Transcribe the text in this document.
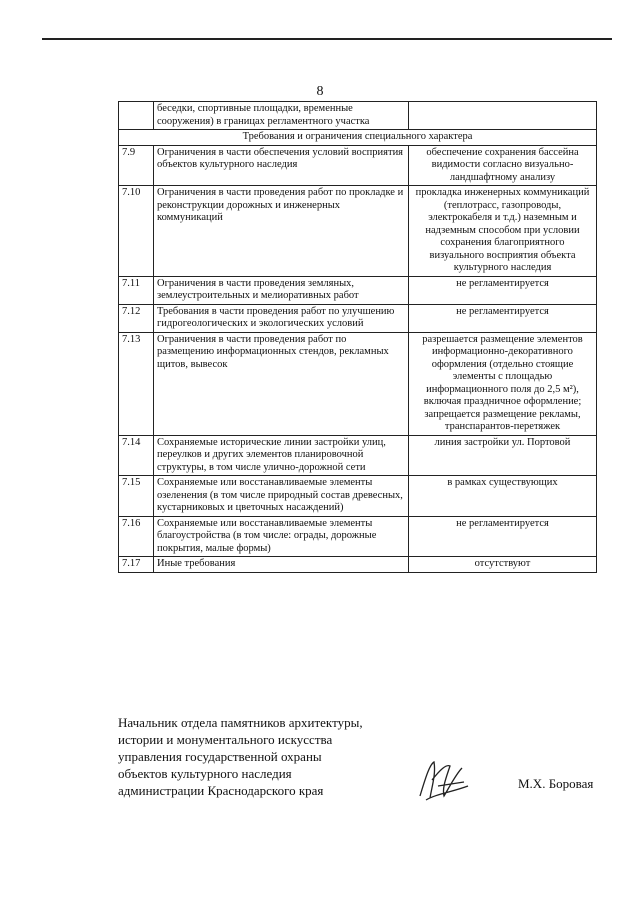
8
	беседки, спортивные площадки, временные сооружения) в границах регламентного участка	
Требования и ограничения специального характера		
7.9	Ограничения в части обеспечения условий восприятия объектов культурного наследия	обеспечение сохранения бассейна видимости согласно визуально-ландшафтному анализу
7.10	Ограничения в части проведения работ по прокладке и реконструкции дорожных и инженерных коммуникаций	прокладка инженерных коммуникаций (теплотрасс, газопроводы, электрокабеля и т.д.) наземным и надземным способом при условии сохранения благоприятного визуального восприятия объекта культурного наследия
7.11	Ограничения в части проведения земляных, землеустроительных и мелиоративных работ	не регламентируется
7.12	Требования в части проведения работ по улучшению гидрогеологических и экологических условий	не регламентируется
7.13	Ограничения в части проведения работ по размещению информационных стендов, рекламных щитов, вывесок	разрешается размещение элементов информационно-декоративного оформления (отдельно стоящие элементы с площадью информационного поля до 2,5 м²), включая праздничное оформление; запрещается размещение рекламы, транспарантов-перетяжек
7.14	Сохраняемые исторические линии застройки улиц, переулков и других элементов планировочной структуры, в том числе улично-дорожной сети	линия застройки ул. Портовой
7.15	Сохраняемые или восстанавливаемые элементы озеленения (в том числе природный состав древесных, кустарниковых и цветочных насаждений)	в рамках существующих
7.16	Сохраняемые или восстанавливаемые элементы благоустройства (в том числе: ограды, дорожные покрытия, малые формы)	не регламентируется
7.17	Иные требования	отсутствуют
Начальник отдела памятников архитектуры,
истории и монументального искусства
управления государственной охраны
объектов культурного наследия
администрации Краснодарского края	М.Х. Боровая
